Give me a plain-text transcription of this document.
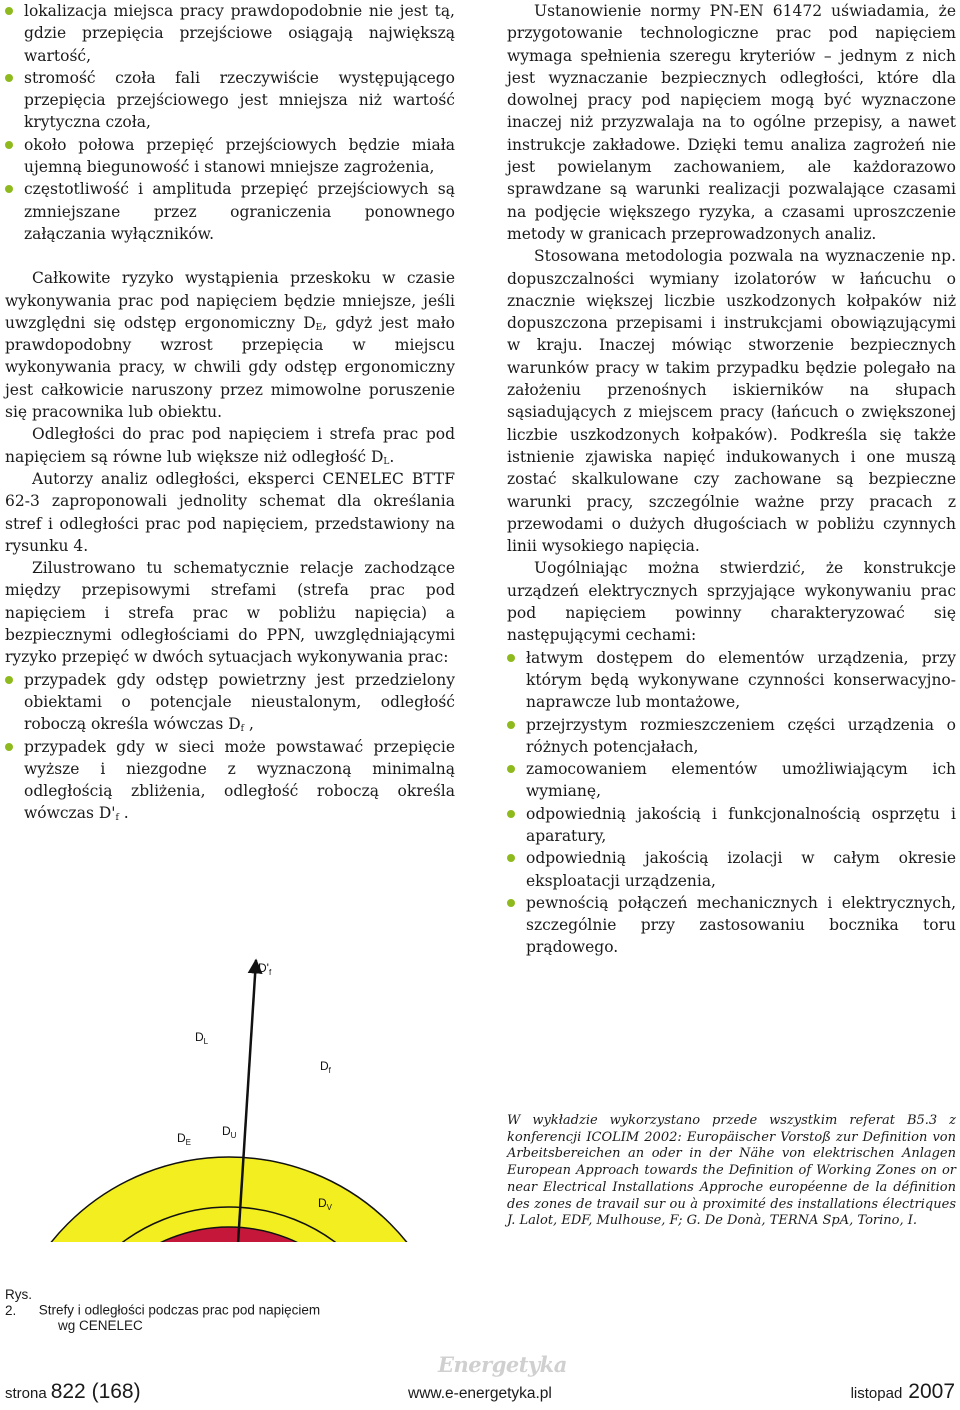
lokalizacja miejsca pracy prawdopodobnie nie jest tą, gdzie przepięcia przejściowe osiągają największą wartość,
stromość czoła fali rzeczywiście występującego przepięcia przejściowego jest mniejsza niż wartość krytyczna czoła,
około połowa przepięć przejściowych będzie miała ujemną biegunowość i stanowi mniejsze zagrożenia,
częstotliwość i amplituda przepięć przejściowych są zmniejszane przez ograniczenia ponownego załączania wyłączników.

Całkowite ryzyko wystąpienia przeskoku w czasie wykonywania prac pod napięciem będzie mniejsze, jeśli uwzględni się odstęp ergonomiczny $D_E$, gdyż jest mało prawdopodobny wzrost przepięcia w miejscu wykonywania pracy, w chwili gdy odstęp ergonomiczny jest całkowicie naruszony przez mimowolne poruszenie się pracownika lub obiektu.

Odległości do prac pod napięciem i strefa prac pod napięciem są równe lub większe niż odległość $D_L$.

Autorzy analiz odległości, eksperci CENELEC BTTF 62-3 zaproponowali jednolity schemat dla określania stref i odległości prac pod napięciem, przedstawiony na rysunku 4.

Zilustrowano tu schematycznie relacje zachodzące między przepisowymi strefami (strefa prac pod napięciem i strefa prac w pobliżu napięcia) a bezpiecznymi odległościami do PPN, uwzględniającymi ryzyko przepięć w dwóch sytuacjach wykonywania prac:

przypadek gdy odstęp powietrzny jest przedzielony obiektami o potencjale nieustalonym, odległość roboczą określa wówczas $D_f$ ,
przypadek gdy w sieci może powstawać przepięcie wyższe i niezgodne z wyznaczoną minimalną odległością zbliżenia, odległość roboczą określa wówczas $D'_f$ .

Ustanowienie normy PN-EN 61472 uświadamia, że przygotowanie technologiczne prac pod napięciem wymaga spełnienia szeregu kryteriów – jednym z nich jest wyznaczanie bezpiecznych odległości, które dla dowolnej pracy pod napięciem mogą być wyznaczone inaczej niż przyzwalaja na to ogólne przepisy, a nawet instrukcje zakładowe. Dzięki temu analiza zagrożeń nie jest powielanym zachowaniem, ale każdorazowo sprawdzane są warunki realizacji pozwalające czasami na podjęcie większego ryzyka, a czasami uproszczenie metody w granicach przeprowadzonych analiz.

Stosowana metodologia pozwala na wyznaczenie np. dopuszczalności wymiany izolatorów w łańcuchu o znacznie większej liczbie uszkodzonych kołpaków niż dopuszczona przepisami i instrukcjami obowiązującymi w kraju. Inaczej mówiąc stworzenie bezpiecznych warunków pracy w takim przypadku będzie polegało na założeniu przenośnych iskierników na słupach sąsiadujących z miejscem pracy (łańcuch o zwiększonej liczbie uszkodzonych kołpaków). Podkreśla się także istnienie zjawiska napięć indukowanych i one muszą zostać skalkulowane czy zachowane są bezpieczne warunki pracy, szczególnie ważne przy pracach z przewodami o dużych długościach w pobliżu czynnych linii wysokiego napięcia.

Uogólniając można stwierdzić, że konstrukcje urządzeń elektrycznych sprzyjające wykonywaniu prac pod napięciem powinny charakteryzować się następującymi cechami:

łatwym dostępem do elementów urządzenia, przy którym będą wykonywane czynności konserwacyjno-naprawcze lub montażowe,
przejrzystym rozmieszczeniem części urządzenia o różnych potencjałach,
zamocowaniem elementów umożliwiającym ich wymianę,
odpowiednią jakością i funkcjonalnością osprzętu i aparatury,
odpowiednią jakością izolacji w całym okresie eksploatacji urządzenia,
pewnością połączeń mechanicznych i elektrycznych, szczególnie przy zastosowaniu bocznika toru prądowego.
$D'_f$
$D_L$
$D_f$
$D_U$
$D_E$
$D_V$
W wykładzie wykorzystano przede wszystkim referat B5.3 z konferencji ICOLIM 2002: Europäischer Vorstoß zur Definition von Arbeitsbereichen an oder in der Nähe von elektrischen Anlagen European Approach towards the Definition of Working Zones on or near Electrical Installations Approche européenne de la définition des zones de travail sur ou à proximité des installations électriques J. Lalot, EDF, Mulhouse, F; G. De Donà, TERNA SpA, Torino, I.
Rys. 2. Strefy i odległości podczas prac pod napięciem
wg CENELEC
Energetyka
strona 822 (168)	www.e-energetyka.pl	listopad 2007
